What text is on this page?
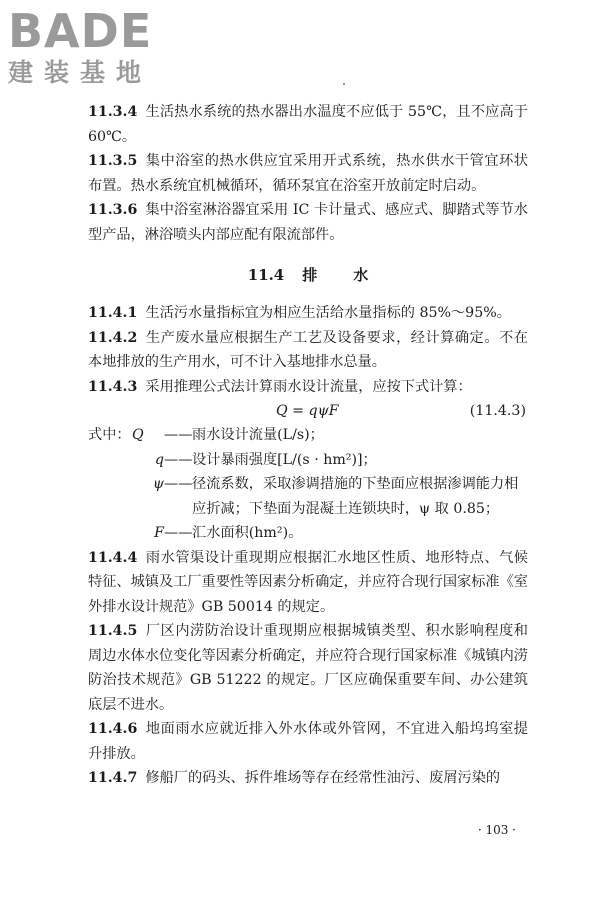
BADE
建装基地

11.3.4 生活热水系统的热水器出水温度不应低于 55℃，且不应高于 60℃。

11.3.5 集中浴室的热水供应宜采用开式系统，热水供水干管宜环状布置。热水系统宜机械循环，循环泵宜在浴室开放前定时启动。

11.3.6 集中浴室淋浴器宜采用 IC 卡计量式、感应式、脚踏式等节水型产品，淋浴喷头内部应配有限流部件。

11.4 排 水

11.4.1 生活污水量指标宜为相应生活给水量指标的 85%～95%。

11.4.2 生产废水量应根据生产工艺及设备要求，经计算确定。不在本地排放的生产用水，可不计入基地排水总量。

11.4.3 采用推理公式法计算雨水设计流量，应按下式计算：

Q = qψF	(11.4.3)
式中： Q	—— 雨水设计流量(L/s)；
q —— 设计暴雨强度[L/(s · hm²)]；
ψ —— 径流系数，采取渗调措施的下垫面应根据渗调能力相应折减；下垫面为混凝土连锁块时，ψ 取 0.85；
F —— 汇水面积(hm²)。

11.4.4 雨水管渠设计重现期应根据汇水地区性质、地形特点、气候特征、城镇及工厂重要性等因素分析确定，并应符合现行国家标准《室外排水设计规范》GB 50014 的规定。

11.4.5 厂区内涝防治设计重现期应根据城镇类型、积水影响程度和周边水体水位变化等因素分析确定，并应符合现行国家标准《城镇内涝防治技术规范》GB 51222 的规定。厂区应确保重要车间、办公建筑底层不进水。

11.4.6 地面雨水应就近排入外水体或外管网，不宜进入船坞坞室提升排放。

11.4.7 修船厂的码头、拆件堆场等存在经常性油污、废屑污染的

· 103 ·
